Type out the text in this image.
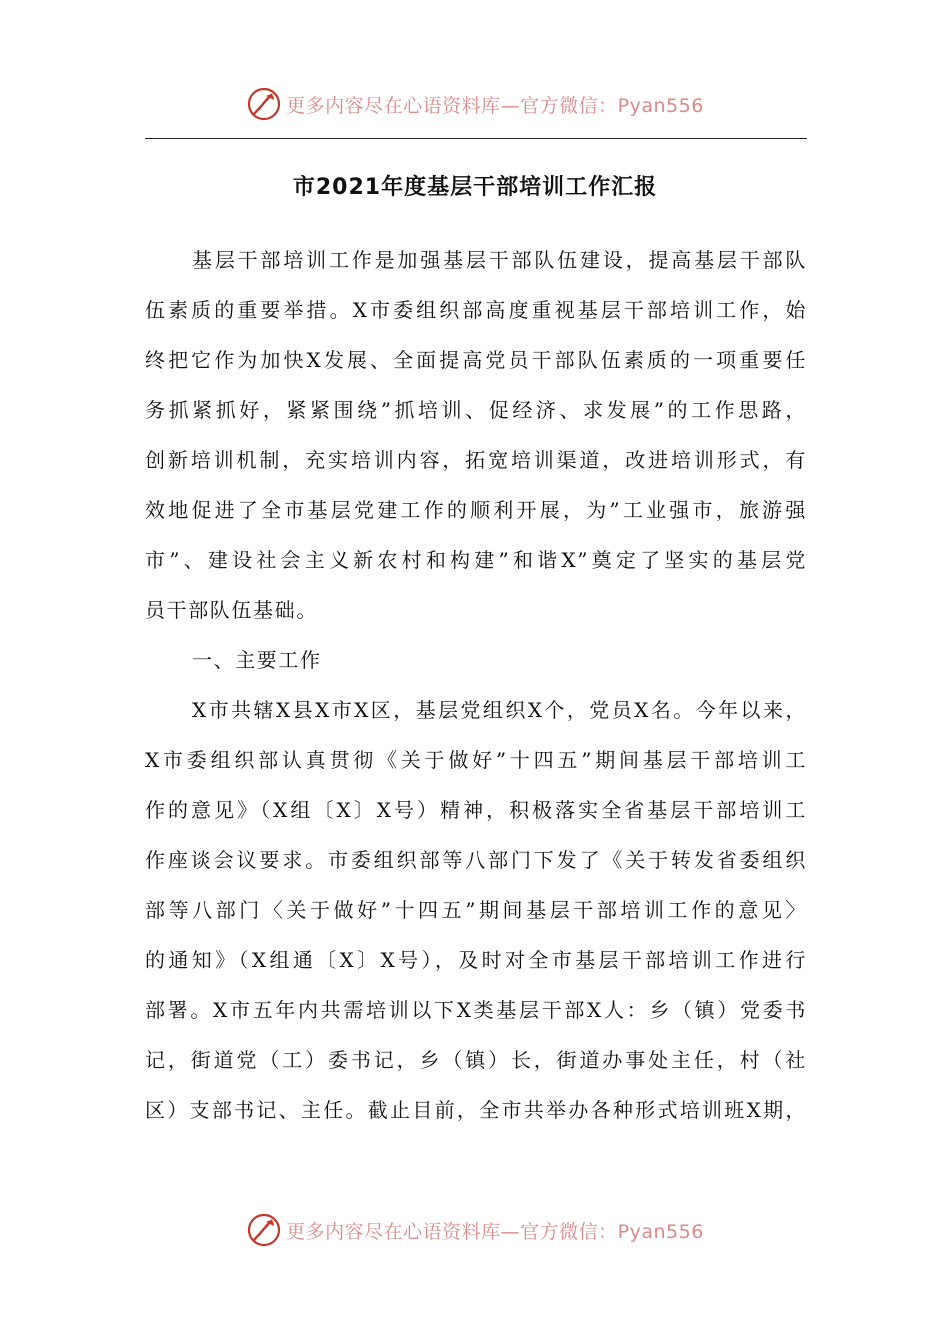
更多内容尽在心语资料库—官方微信：Pyan556
市2021年度基层干部培训工作汇报
基层干部培训工作是加强基层干部队伍建设，提高基层干部队
伍素质的重要举措。X市委组织部高度重视基层干部培训工作，始
终把它作为加快X发展、全面提高党员干部队伍素质的一项重要任
务抓紧抓好，紧紧围绕”抓培训、促经济、求发展”的工作思路，
创新培训机制，充实培训内容，拓宽培训渠道，改进培训形式，有
效地促进了全市基层党建工作的顺利开展，为”工业强市，旅游强
市”、建设社会主义新农村和构建”和谐X”奠定了坚实的基层党
员干部队伍基础。
一、主要工作
X市共辖X县X市X区，基层党组织X个，党员X名。今年以来，
X市委组织部认真贯彻《关于做好”十四五”期间基层干部培训工
作的意见》（X组〔X〕X号）精神，积极落实全省基层干部培训工
作座谈会议要求。市委组织部等八部门下发了《关于转发省委组织
部等八部门〈关于做好”十四五”期间基层干部培训工作的意见〉
的通知》（X组通〔X〕X号），及时对全市基层干部培训工作进行
部署。X市五年内共需培训以下X类基层干部X人：乡（镇）党委书
记，街道党（工）委书记，乡（镇）长，街道办事处主任，村（社
区）支部书记、主任。截止目前，全市共举办各种形式培训班X期，
更多内容尽在心语资料库—官方微信：Pyan556
